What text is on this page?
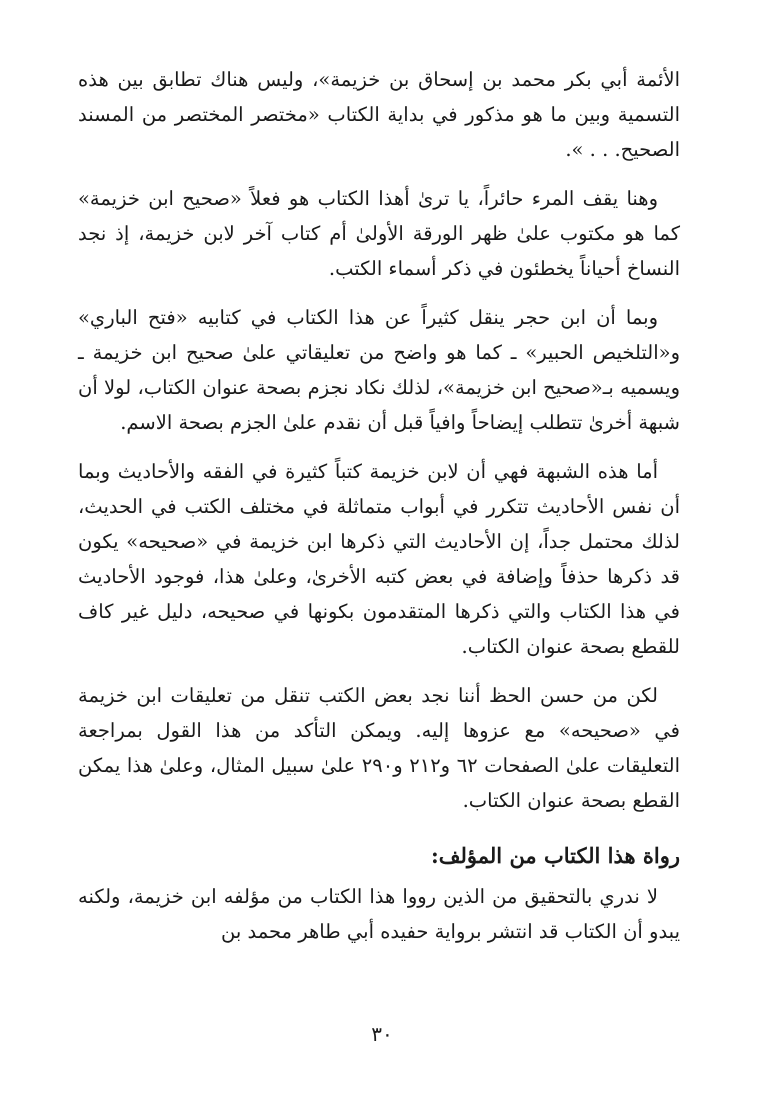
الأئمة أبي بكر محمد بن إسحاق بن خزيمة»، وليس هناك تطابق بين هذه التسمية وبين ما هو مذكور في بداية الكتاب «مختصر المختصر من المسند الصحيح. . . ».

وهنا يقف المرء حائراً، يا ترىٰ أهذا الكتاب هو فعلاً «صحيح ابن خزيمة» كما هو مكتوب علىٰ ظهر الورقة الأولىٰ أم كتاب آخر لابن خزيمة، إذ نجد النساخ أحياناً يخطئون في ذكر أسماء الكتب.

وبما أن ابن حجر ينقل كثيراً عن هذا الكتاب في كتابيه «فتح الباري» و«التلخيص الحبير» ـ كما هو واضح من تعليقاتي علىٰ صحيح ابن خزيمة ـ ويسميه بـ«صحيح ابن خزيمة»، لذلك نكاد نجزم بصحة عنوان الكتاب، لولا أن شبهة أخرىٰ تتطلب إيضاحاً وافياً قبل أن نقدم علىٰ الجزم بصحة الاسم.

أما هذه الشبهة فهي أن لابن خزيمة كتباً كثيرة في الفقه والأحاديث وبما أن نفس الأحاديث تتكرر في أبواب متماثلة في مختلف الكتب في الحديث، لذلك محتمل جداً، إن الأحاديث التي ذكرها ابن خزيمة في «صحيحه» يكون قد ذكرها حذفاً وإضافة في بعض كتبه الأخرىٰ، وعلىٰ هذا، فوجود الأحاديث في هذا الكتاب والتي ذكرها المتقدمون بكونها في صحيحه، دليل غير كاف للقطع بصحة عنوان الكتاب.

لكن من حسن الحظ أننا نجد بعض الكتب تنقل من تعليقات ابن خزيمة في «صحيحه» مع عزوها إليه. ويمكن التأكد من هذا القول بمراجعة التعليقات علىٰ الصفحات ٦٢ و٢١٢ و٢٩٠ علىٰ سبيل المثال، وعلىٰ هذا يمكن القطع بصحة عنوان الكتاب.

رواة هذا الكتاب من المؤلف:

لا ندري بالتحقيق من الذين رووا هذا الكتاب من مؤلفه ابن خزيمة، ولكنه يبدو أن الكتاب قد انتشر برواية حفيده أبي طاهر محمد بن

٣٠
